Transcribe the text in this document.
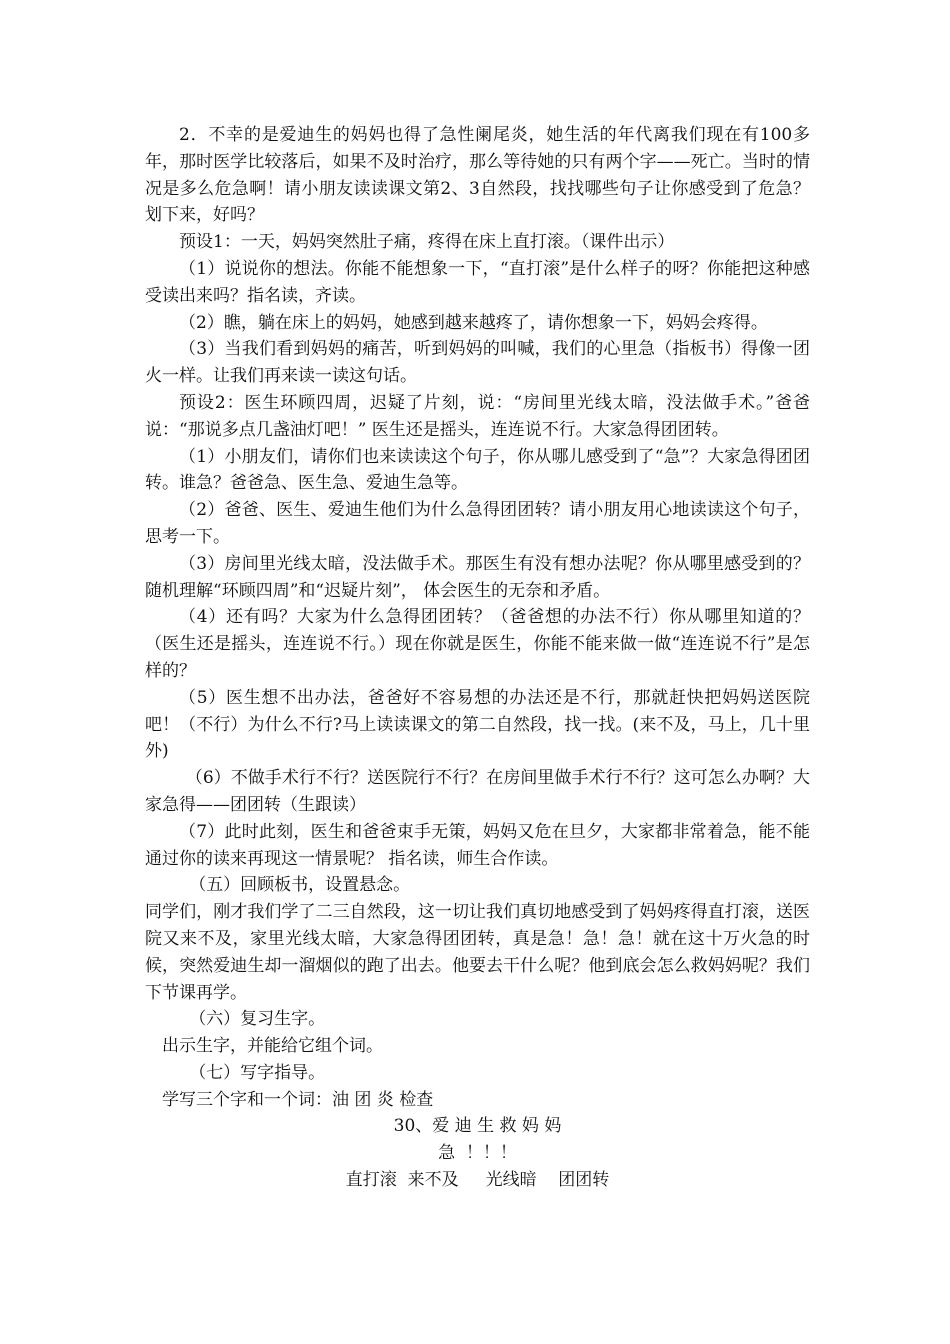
2．不幸的是爱迪生的妈妈也得了急性阑尾炎，她生活的年代离我们现在有100多年，那时医学比较落后，如果不及时治疗，那么等待她的只有两个字——死亡。当时的情况是多么危急啊！请小朋友读读课文第2、3自然段，找找哪些句子让你感受到了危急？划下来，好吗？

预设1：一天，妈妈突然肚子痛，疼得在床上直打滚。（课件出示）

（1）说说你的想法。你能不能想象一下，“直打滚”是什么样子的呀？你能把这种感受读出来吗？指名读，齐读。

（2）瞧，躺在床上的妈妈，她感到越来越疼了，请你想象一下，妈妈会疼得。

（3）当我们看到妈妈的痛苦，听到妈妈的叫喊，我们的心里急（指板书）得像一团火一样。让我们再来读一读这句话。

预设2：医生环顾四周，迟疑了片刻，说：“房间里光线太暗，没法做手术。”爸爸说：“那说多点几盏油灯吧！” 医生还是摇头，连连说不行。大家急得团团转。

（1）小朋友们，请你们也来读读这个句子，你从哪儿感受到了“急”？大家急得团团转。谁急？爸爸急、医生急、爱迪生急等。

（2）爸爸、医生、爱迪生他们为什么急得团团转？请小朋友用心地读读这个句子，思考一下。

（3）房间里光线太暗，没法做手术。那医生有没有想办法呢？你从哪里感受到的？随机理解“环顾四周”和“迟疑片刻”， 体会医生的无奈和矛盾。

（4）还有吗？大家为什么急得团团转？（爸爸想的办法不行）你从哪里知道的？（医生还是摇头，连连说不行。）现在你就是医生，你能不能来做一做“连连说不行”是怎样的？

（5）医生想不出办法，爸爸好不容易想的办法还是不行，那就赶快把妈妈送医院吧！（不行）为什么不行?马上读读课文的第二自然段，找一找。(来不及，马上，几十里外)

（6）不做手术行不行？送医院行不行？在房间里做手术行不行？这可怎么办啊？大家急得——团团转（生跟读）

（7）此时此刻，医生和爸爸束手无策，妈妈又危在旦夕，大家都非常着急，能不能通过你的读来再现这一情景呢？ 指名读，师生合作读。

（五）回顾板书，设置悬念。

同学们，刚才我们学了二三自然段，这一切让我们真切地感受到了妈妈疼得直打滚，送医院又来不及，家里光线太暗，大家急得团团转，真是急！急！急！就在这十万火急的时候，突然爱迪生却一溜烟似的跑了出去。他要去干什么呢？他到底会怎么救妈妈呢？我们下节课再学。

（六）复习生字。

出示生字，并能给它组个词。

（七）写字指导。

学写三个字和一个词：油 团 炎 检查

30、爱 迪 生 救 妈 妈

急  ！！！

直打滚  来不及     光线暗    团团转
